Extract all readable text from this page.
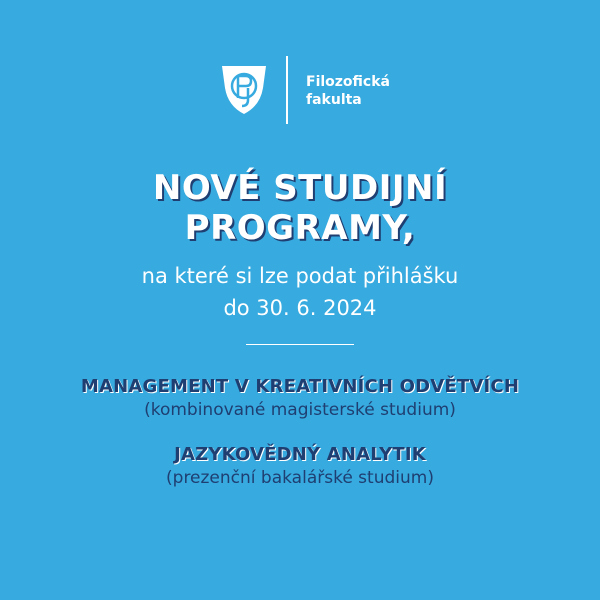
Filozofická
fakulta
NOVÉ STUDIJNÍ
PROGRAMY,
na které si lze podat přihlášku
do 30. 6. 2024
MANAGEMENT V KREATIVNÍCH ODVĚTVÍCH
(kombinované magisterské studium)
JAZYKOVĚDNÝ ANALYTIK
(prezenční bakalářské studium)
